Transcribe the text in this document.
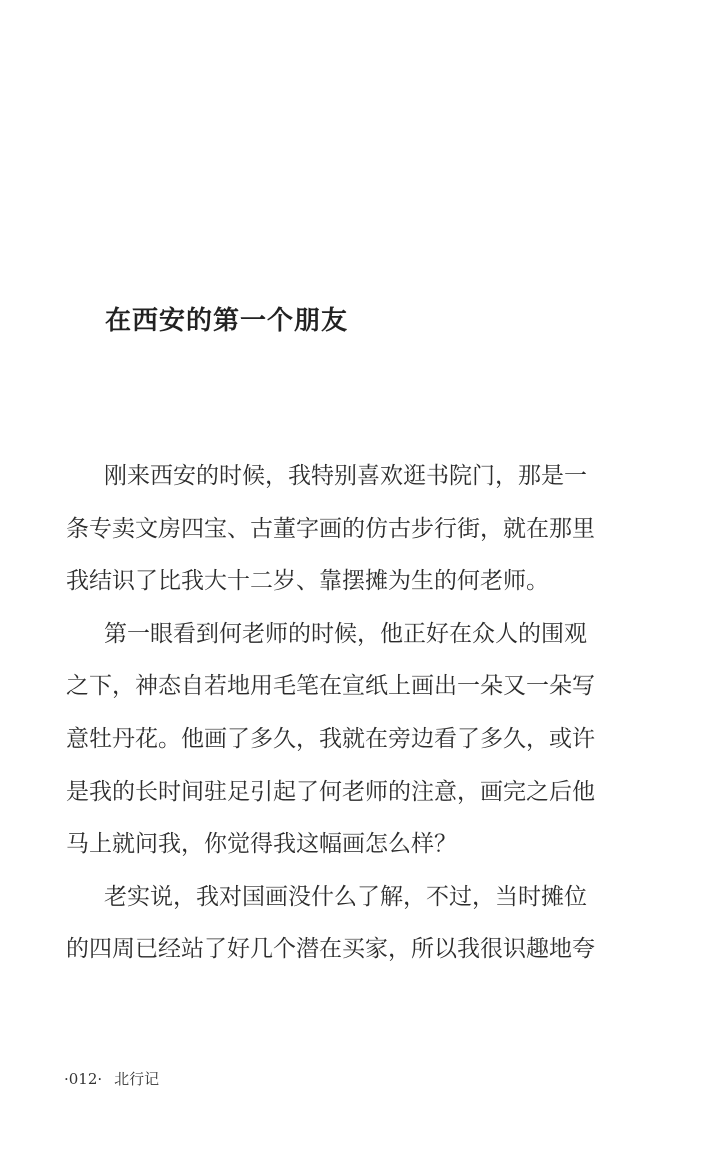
在西安的第一个朋友
刚来西安的时候，我特别喜欢逛书院门，那是一
条专卖文房四宝、古董字画的仿古步行街，就在那里
我结识了比我大十二岁、靠摆摊为生的何老师。
第一眼看到何老师的时候，他正好在众人的围观
之下，神态自若地用毛笔在宣纸上画出一朵又一朵写
意牡丹花。他画了多久，我就在旁边看了多久，或许
是我的长时间驻足引起了何老师的注意，画完之后他
马上就问我，你觉得我这幅画怎么样？
老实说，我对国画没什么了解，不过，当时摊位
的四周已经站了好几个潜在买家，所以我很识趣地夸
·012· 北行记
